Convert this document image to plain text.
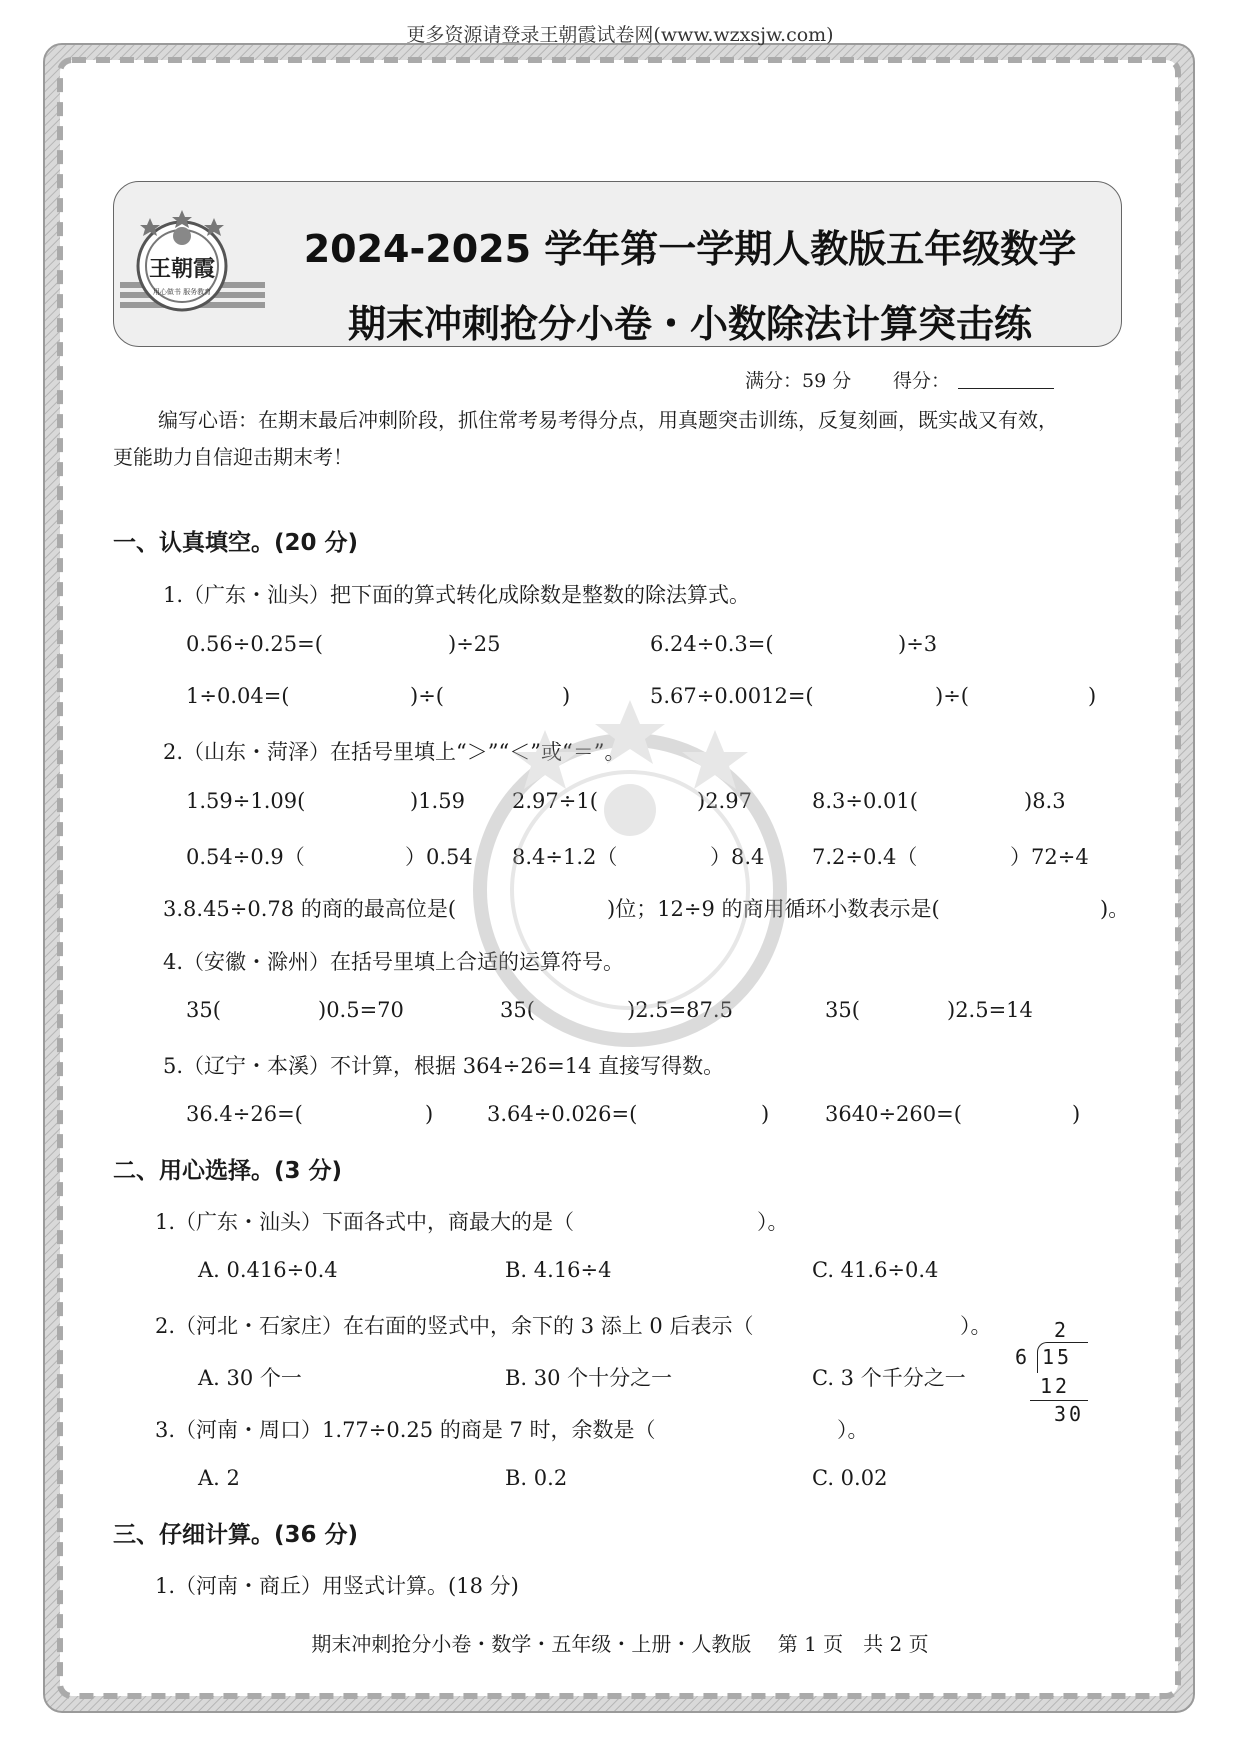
更多资源请登录王朝霞试卷网(www.wzxsjw.com)
王朝霞
用心做书 服务教育
2024-2025 学年第一学期人教版五年级数学
期末冲刺抢分小卷・小数除法计算突击练
满分：59 分 得分：
编写心语：在期末最后冲刺阶段，抓住常考易考得分点，用真题突击训练，反复刻画，既实战又有效，
更能助力自信迎击期末考！
一、认真填空。(20 分)
1.（广东・汕头）把下面的算式转化成除数是整数的除法算式。
0.56÷0.25=(	)÷25	6.24÷0.3=(	)÷3
1÷0.04=(	)÷(	)	5.67÷0.0012=(	)÷(	)
2.（山东・菏泽）在括号里填上“＞”“＜”或“＝”。
1.59÷1.09(	)1.59 2.97÷1(	)2.97	8.3÷0.01(	)8.3
0.54÷0.9（	）0.54 8.4÷1.2（	）8.4 7.2÷0.4（	）72÷4
3.8.45÷0.78 的商的最高位是(	)位；12÷9 的商用循环小数表示是(	)。
4.（安徽・滁州）在括号里填上合适的运算符号。
35(	)0.5=70	35(	)2.5=87.5	35(	)2.5=14
5.（辽宁・本溪）不计算，根据 364÷26=14 直接写得数。
36.4÷26=(	)	3.64÷0.026=(	)	3640÷260=(	)
二、用心选择。(3 分)
1.（广东・汕头）下面各式中，商最大的是（	）。
A. 0.416÷0.4	B. 4.16÷4	C. 41.6÷0.4
2.（河北・石家庄）在右面的竖式中，余下的 3 添上 0 后表示（	）。
A. 30 个一	B. 30 个十分之一	C. 3 个千分之一
2
6 15
12
30
3.（河南・周口）1.77÷0.25 的商是 7 时，余数是（	）。
A. 2	B. 0.2	C. 0.02
三、仔细计算。(36 分)
1.（河南・商丘）用竖式计算。(18 分)
期末冲刺抢分小卷・数学・五年级・上册・人教版　 第 1 页　共 2 页
